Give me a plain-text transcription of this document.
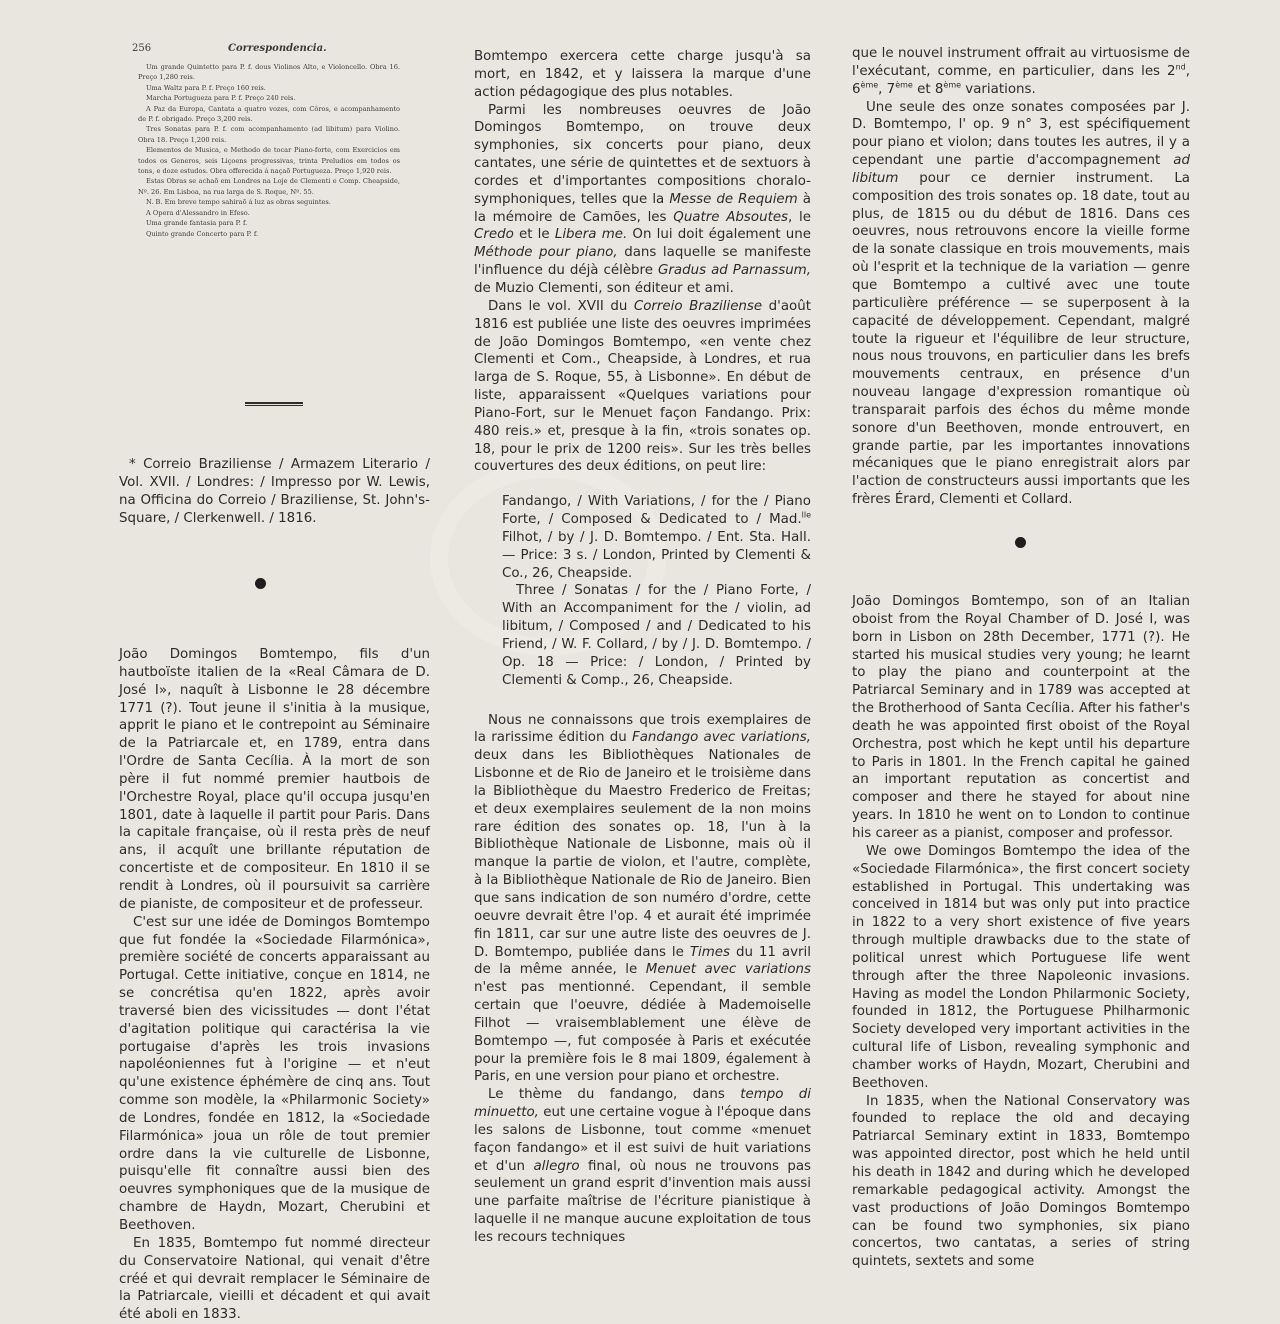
256	Correspondencia.

Um grande Quintetto para P. f. dous Violinos Alto, e Violoncello. Obra 16. Preço 1,280 reis.

Uma Waltz para P. f. Preço 160 reis.

Marcha Portugueza para P. f. Preço 240 reis.

A Paz da Europa, Cantata a quatro vozes, com Côros, e acompanhamento de P. f. obrigado. Preço 3,200 reis.

Tres Sonatas para P. f. com acompanhamento (ad libitum) para Violino. Obra 18. Preço 1,200 reis.

Elementos de Musica, e Methodo de tocar Piano-forte, com Exercicios em todos os Generos, seis Liçoens progressivas, trinta Preludios em todos os tons, e doze estudos. Obra offerecida á naçaõ Portugueza. Preço 1,920 reis.

Estas Obras se achaõ em Londres na Loje de Clementi e Comp. Cheapside, Nº. 26. Em Lisboa, na rua larga de S. Roque, Nº. 55.

N. B. Em breve tempo sahiraõ á luz as obras seguintes.

A Opera d'Alessandro in Efeso.

Uma grande fantasia para P. f.

Quinto grande Concerto para P. f.

* Correio Braziliense / Armazem Literario / Vol. XVII. / Londres: / Impresso por W. Lewis, na Officina do Correio / Braziliense, St. John's-Square, / Clerkenwell. / 1816.

João Domingos Bomtempo, fils d'un hautboïste italien de la «Real Câmara de D. José I», naquît à Lisbonne le 28 décembre 1771 (?). Tout jeune il s'initia à la musique, apprit le piano et le contrepoint au Séminaire de la Patriarcale et, en 1789, entra dans l'Ordre de Santa Cecília. À la mort de son père il fut nommé premier hautbois de l'Orchestre Royal, place qu'il occupa jusqu'en 1801, date à laquelle il partit pour Paris. Dans la capitale française, où il resta près de neuf ans, il acquît une brillante réputation de concertiste et de compositeur. En 1810 il se rendit à Londres, où il poursuivit sa carrière de pianiste, de compositeur et de professeur.

C'est sur une idée de Domingos Bomtempo que fut fondée la «Sociedade Filarmónica», première société de concerts apparaissant au Portugal. Cette initiative, conçue en 1814, ne se concrétisa qu'en 1822, après avoir traversé bien des vicissitudes — dont l'état d'agitation politique qui caractérisa la vie portugaise d'après les trois invasions napoléoniennes fut à l'origine — et n'eut qu'une existence éphémère de cinq ans. Tout comme son modèle, la «Philarmonic Society» de Londres, fondée en 1812, la «Sociedade Filarmónica» joua un rôle de tout premier ordre dans la vie culturelle de Lisbonne, puisqu'elle fit connaître aussi bien des oeuvres symphoniques que de la musique de chambre de Haydn, Mozart, Cherubini et Beethoven.

En 1835, Bomtempo fut nommé directeur du Conservatoire National, qui venait d'être créé et qui devrait remplacer le Séminaire de la Patriarcale, vieilli et décadent et qui avait été aboli en 1833.

Bomtempo exercera cette charge jusqu'à sa mort, en 1842, et y laissera la marque d'une action pédagogique des plus notables.

Parmi les nombreuses oeuvres de João Domingos Bomtempo, on trouve deux symphonies, six concerts pour piano, deux cantates, une série de quintettes et de sextuors à cordes et d'importantes compositions choralo-symphoniques, telles que la Messe de Requiem à la mémoire de Camões, les Quatre Absoutes, le Credo et le Libera me. On lui doit également une Méthode pour piano, dans laquelle se manifeste l'influence du déjà célèbre Gradus ad Parnassum, de Muzio Clementi, son éditeur et ami.

Dans le vol. XVII du Correio Braziliense d'août 1816 est publiée une liste des oeuvres imprimées de João Domingos Bomtempo, «en vente chez Clementi et Com., Cheapside, à Londres, et rua larga de S. Roque, 55, à Lisbonne». En début de liste, apparaissent «Quelques variations pour Piano-Fort, sur le Menuet façon Fandango. Prix: 480 reis.» et, presque à la fin, «trois sonates op. 18, pour le prix de 1200 reis». Sur les très belles couvertures des deux éditions, on peut lire:

Fandango, / With Variations, / for the / Piano Forte, / Composed & Dedicated to / Mad.$^{lle}$ Filhot, / by / J. D. Bomtempo. / Ent. Sta. Hall. — Price: 3 s. / London, Printed by Clementi & Co., 26, Cheapside.

Three / Sonatas / for the / Piano Forte, / With an Accompaniment for the / violin, ad libitum, / Composed / and / Dedicated to his Friend, / W. F. Collard, / by / J. D. Bomtempo. / Op. 18 — Price: / London, / Printed by Clementi & Comp., 26, Cheapside.

Nous ne connaissons que trois exemplaires de la rarissime édition du Fandango avec variations, deux dans les Bibliothèques Nationales de Lisbonne et de Rio de Janeiro et le troisième dans la Bibliothèque du Maestro Frederico de Freitas; et deux exemplaires seulement de la non moins rare édition des sonates op. 18, l'un à la Bibliothèque Nationale de Lisbonne, mais où il manque la partie de violon, et l'autre, complète, à la Bibliothèque Nationale de Rio de Janeiro. Bien que sans indication de son numéro d'ordre, cette oeuvre devrait être l'op. 4 et aurait été imprimée fin 1811, car sur une autre liste des oeuvres de J. D. Bomtempo, publiée dans le Times du 11 avril de la même année, le Menuet avec variations n'est pas mentionné. Cependant, il semble certain que l'oeuvre, dédiée à Mademoiselle Filhot — vraisemblablement une élève de Bomtempo —, fut composée à Paris et exécutée pour la première fois le 8 mai 1809, également à Paris, en une version pour piano et orchestre.

Le thème du fandango, dans tempo di minuetto, eut une certaine vogue à l'époque dans les salons de Lisbonne, tout comme «menuet façon fandango» et il est suivi de huit variations et d'un allegro final, où nous ne trouvons pas seulement un grand esprit d'invention mais aussi une parfaite maîtrise de l'écriture pianistique à laquelle il ne manque aucune exploitation de tous les recours techniques

que le nouvel instrument offrait au virtuosisme de l'exécutant, comme, en particulier, dans les 2nd, 6ème, 7ème et 8ème variations.

Une seule des onze sonates composées par J. D. Bomtempo, l' op. 9 n° 3, est spécifiquement pour piano et violon; dans toutes les autres, il y a cependant une partie d'accompagnement ad libitum pour ce dernier instrument. La composition des trois sonates op. 18 date, tout au plus, de 1815 ou du début de 1816. Dans ces oeuvres, nous retrouvons encore la vieille forme de la sonate classique en trois mouvements, mais où l'esprit et la technique de la variation — genre que Bomtempo a cultivé avec une toute particulière préférence — se superposent à la capacité de développement. Cependant, malgré toute la rigueur et l'équilibre de leur structure, nous nous trouvons, en particulier dans les brefs mouvements centraux, en présence d'un nouveau langage d'expression romantique où transparait parfois des échos du même monde sonore d'un Beethoven, monde entrouvert, en grande partie, par les importantes innovations mécaniques que le piano enregistrait alors par l'action de constructeurs aussi importants que les frères Érard, Clementi et Collard.

João Domingos Bomtempo, son of an Italian oboist from the Royal Chamber of D. José I, was born in Lisbon on 28th December, 1771 (?). He started his musical studies very young; he learnt to play the piano and counterpoint at the Patriarcal Seminary and in 1789 was accepted at the Brotherhood of Santa Cecília. After his father's death he was appointed first oboist of the Royal Orchestra, post which he kept until his departure to Paris in 1801. In the French capital he gained an important reputation as concertist and composer and there he stayed for about nine years. In 1810 he went on to London to continue his career as a pianist, composer and professor.

We owe Domingos Bomtempo the idea of the «Sociedade Filarmónica», the first concert society established in Portugal. This undertaking was conceived in 1814 but was only put into practice in 1822 to a very short existence of five years through multiple drawbacks due to the state of political unrest which Portuguese life went through after the three Napoleonic invasions. Having as model the London Philarmonic Society, founded in 1812, the Portuguese Philharmonic Society developed very important activities in the cultural life of Lisbon, revealing symphonic and chamber works of Haydn, Mozart, Cherubini and Beethoven.

In 1835, when the National Conservatory was founded to replace the old and decaying Patriarcal Seminary extint in 1833, Bomtempo was appointed director, post which he held until his death in 1842 and during which he developed remarkable pedagogical activity. Amongst the vast productions of João Domingos Bomtempo can be found two symphonies, six piano concertos, two cantatas, a series of string quintets, sextets and some
